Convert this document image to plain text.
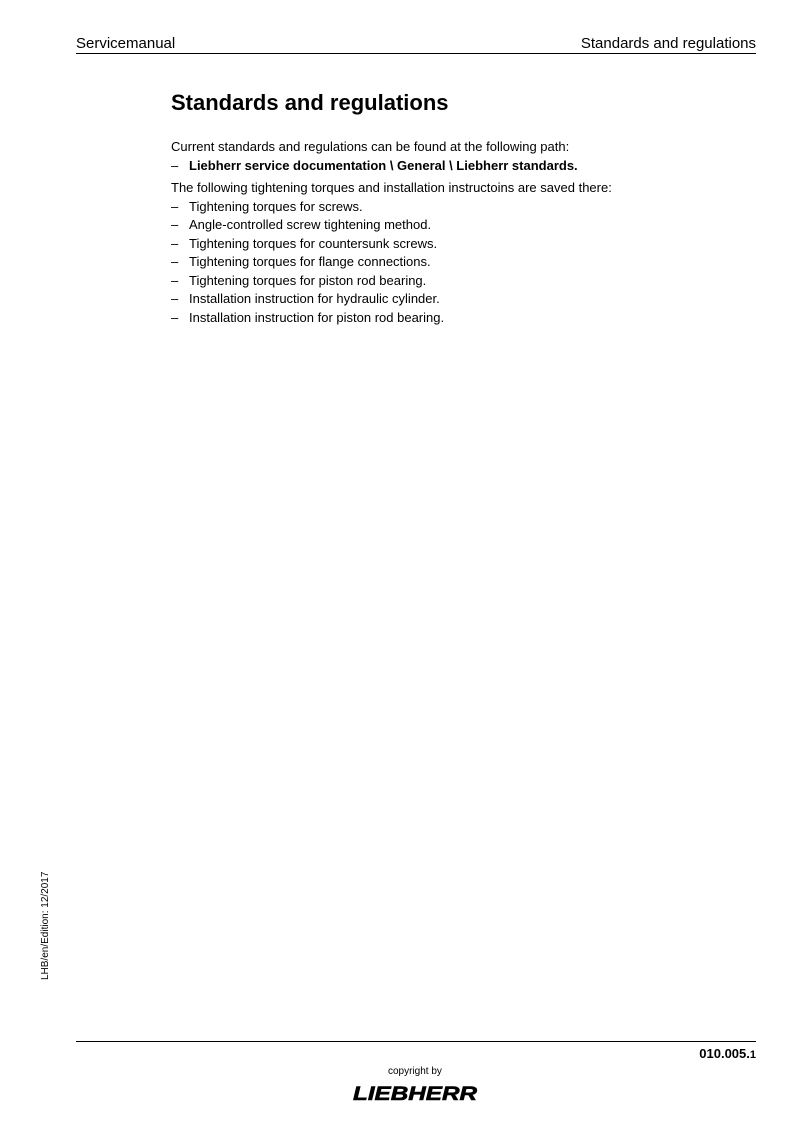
Servicemanual	Standards and regulations
Standards and regulations

Current standards and regulations can be found at the following path:

– Liebherr service documentation \ General \ Liebherr standards.

The following tightening torques and installation instructoins are saved there:

– Tightening torques for screws.
– Angle-controlled screw tightening method.
– Tightening torques for countersunk screws.
– Tightening torques for flange connections.
– Tightening torques for piston rod bearing.
– Installation instruction for hydraulic cylinder.
– Installation instruction for piston rod bearing.
LHB/en/Edition: 12/2017
010.005.1
copyright by
LIEBHERR
